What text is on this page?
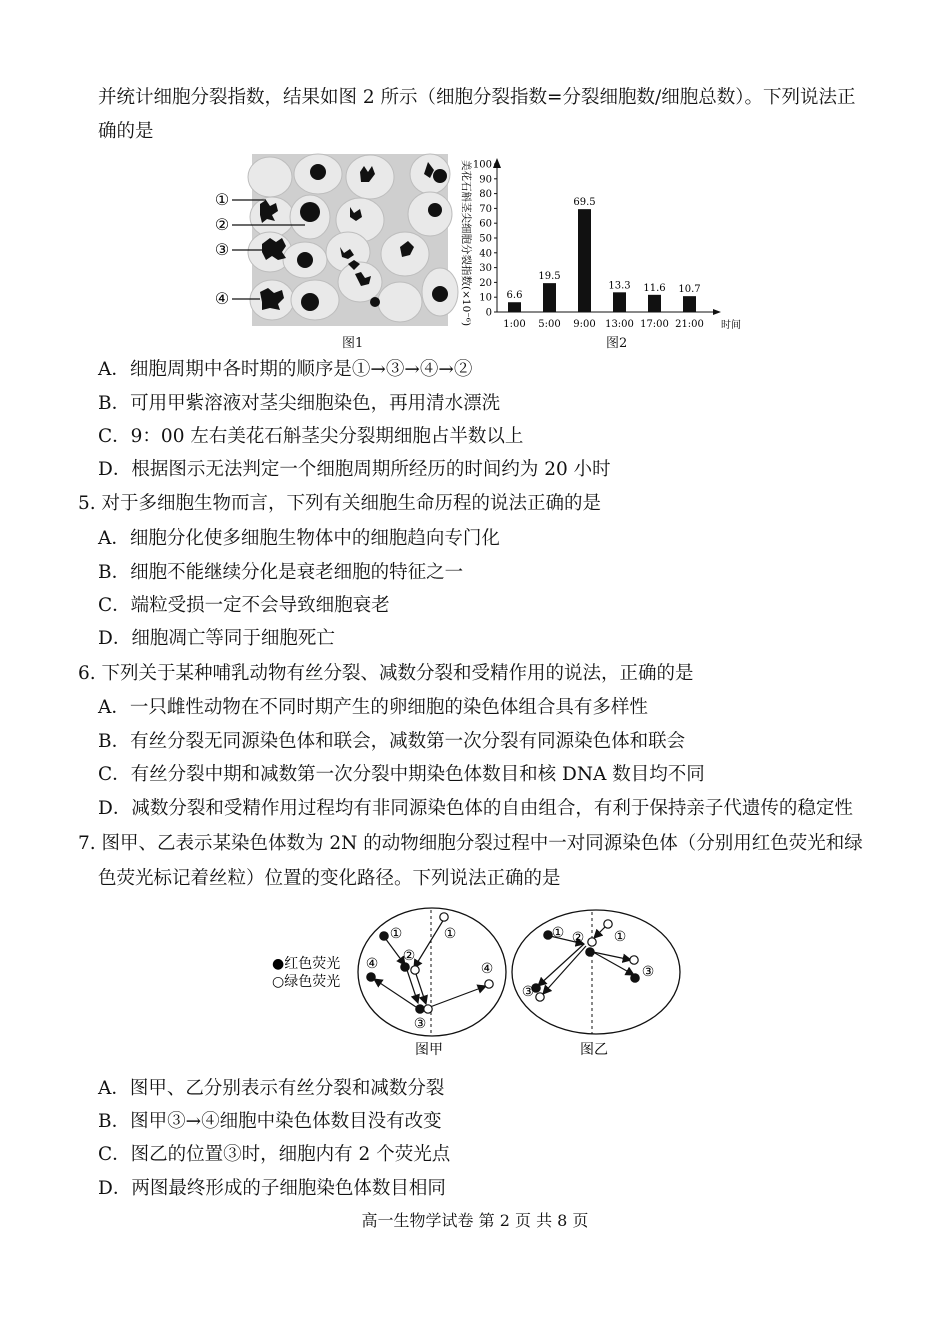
并统计细胞分裂指数，结果如图 2 所示（细胞分裂指数=分裂细胞数/细胞总数）。下列说法正
确的是
①
②
③
④
图1
美花石斛茎尖细胞分裂指数(×10⁻⁶) 0
10
20
30
40
50
60
70
80
90
100
6.6
1:00
19.5
5:00
69.5
9:00
13.3
13:00
11.6
17:00
10.7
21:00 时间
图2
A．细胞周期中各时期的顺序是①→③→④→②
B．可用甲紫溶液对茎尖细胞染色，再用清水漂洗
C．9：00 左右美花石斛茎尖分裂期细胞占半数以上
D．根据图示无法判定一个细胞周期所经历的时间约为 20 小时
5. 对于多细胞生物而言，下列有关细胞生命历程的说法正确的是
A．细胞分化使多细胞生物体中的细胞趋向专门化
B．细胞不能继续分化是衰老细胞的特征之一
C．端粒受损一定不会导致细胞衰老
D．细胞凋亡等同于细胞死亡
6. 下列关于某种哺乳动物有丝分裂、减数分裂和受精作用的说法，正确的是
A．一只雌性动物在不同时期产生的卵细胞的染色体组合具有多样性
B．有丝分裂无同源染色体和联会，减数第一次分裂有同源染色体和联会
C．有丝分裂中期和减数第一次分裂中期染色体数目和核 DNA 数目均不同
D．减数分裂和受精作用过程均有非同源染色体的自由组合，有利于保持亲子代遗传的稳定性
7. 图甲、乙表示某染色体数为 2N 的动物细胞分裂过程中一对同源染色体（分别用红色荧光和绿
色荧光标记着丝粒）位置的变化路径。下列说法正确的是
●红色荧光
○绿色荧光
①	①
②
③
④	④
①	①
②
③
③
图甲	图乙
A．图甲、乙分别表示有丝分裂和减数分裂
B．图甲③→④细胞中染色体数目没有改变
C．图乙的位置③时，细胞内有 2 个荧光点
D．两图最终形成的子细胞染色体数目相同
高一生物学试卷 第 2 页 共 8 页
